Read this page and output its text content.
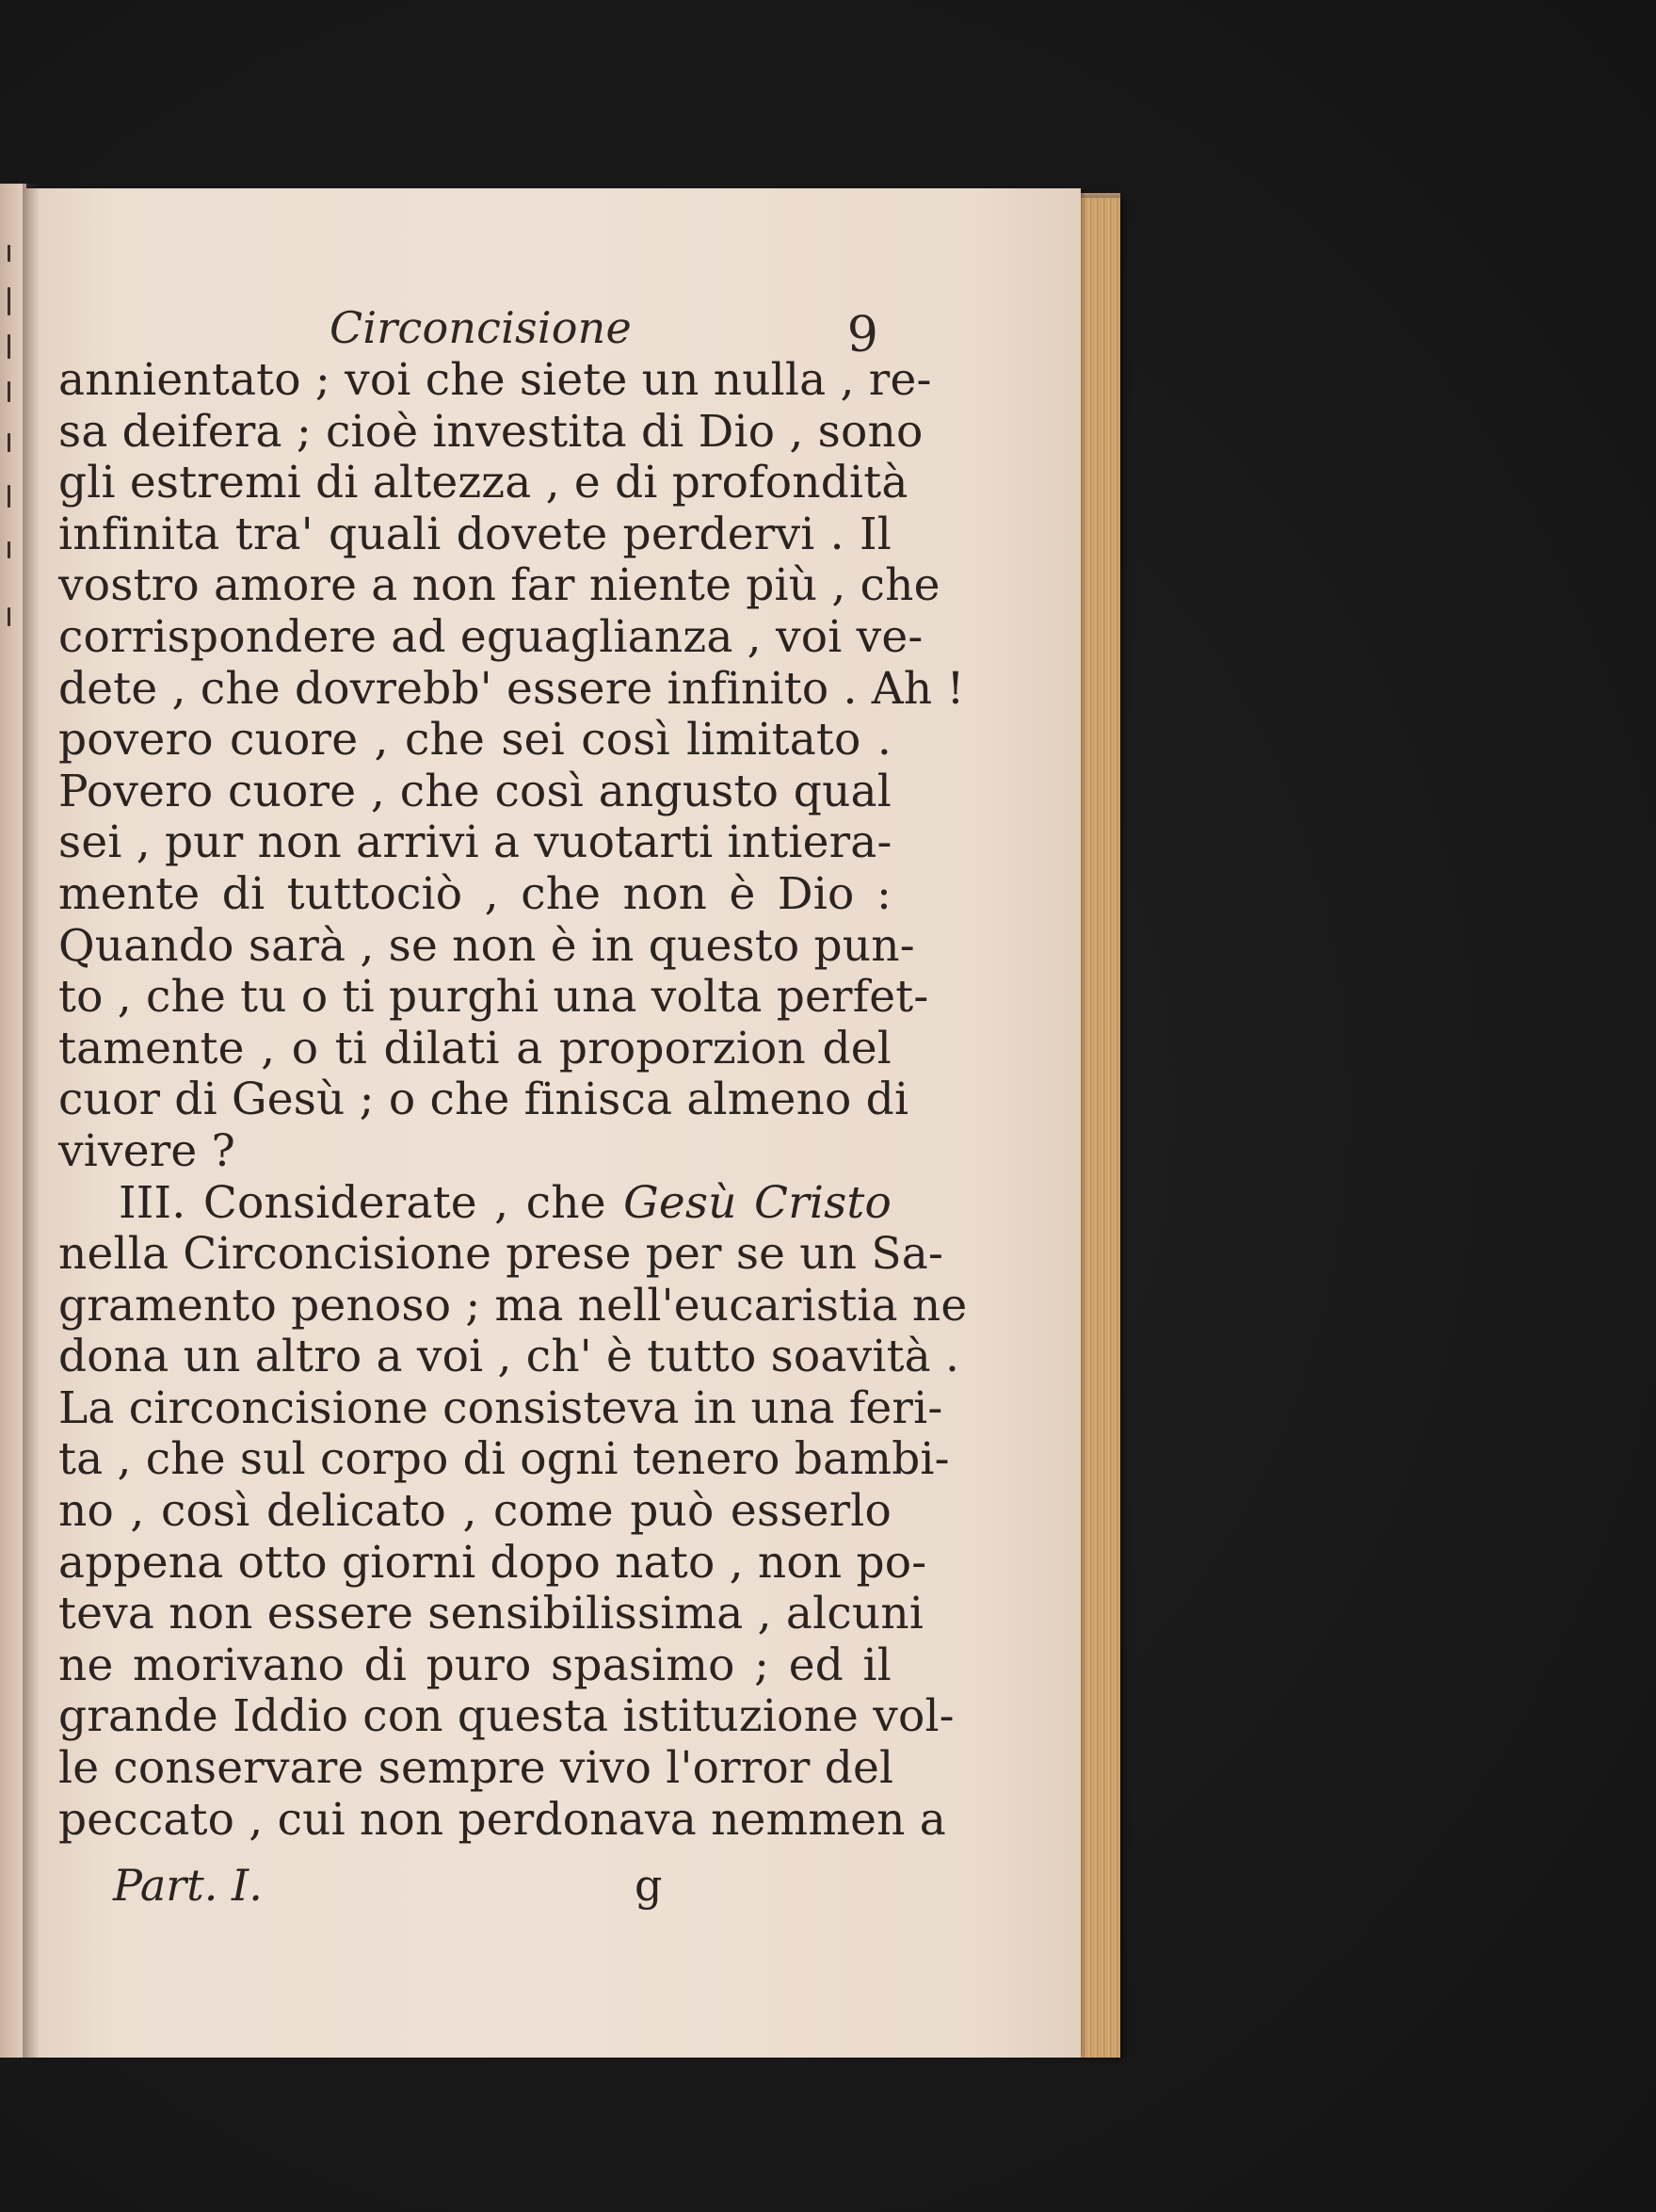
Circoncisione	9
annientato ; voi che siete un nulla , re-
sa deifera ; cioè investita di Dio , sono
gli estremi di altezza , e di profondità
infinita tra' quali dovete perdervi . Il
vostro amore a non far niente più , che
corrispondere ad eguaglianza , voi ve-
dete , che dovrebb' essere infinito . Ah !
povero cuore , che sei così limitato .
Povero cuore , che così angusto qual
sei , pur non arrivi a vuotarti intiera-
mente di tuttociò , che non è Dio :
Quando sarà , se non è in questo pun-
to , che tu o ti purghi una volta perfet-
tamente , o ti dilati a proporzion del
cuor di Gesù ; o che finisca almeno di
vivere ?
III. Considerate , che Gesù Cristo
nella Circoncisione prese per se un Sa-
gramento penoso ; ma nell'eucaristia ne
dona un altro a voi , ch' è tutto soavità .
La circoncisione consisteva in una feri-
ta , che sul corpo di ogni tenero bambi-
no , così delicato , come può esserlo
appena otto giorni dopo nato , non po-
teva non essere sensibilissima , alcuni
ne morivano di puro spasimo ; ed il
grande Iddio con questa istituzione vol-
le conservare sempre vivo l'orror del
peccato , cui non perdonava nemmen a
Part. I.	g
